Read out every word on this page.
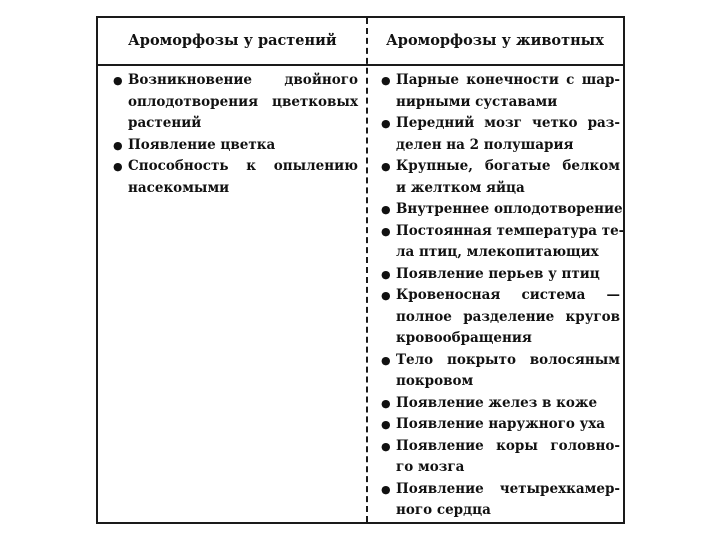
Ароморфозы у растений	Ароморфозы у животных
● Возникновение двойного
оплодотворения цветковых
растений
● Появление цветка
● Способность к опылению
насекомыми
● Парные конечности с шар-
нирными суставами
● Передний мозг четко раз-
делен на 2 полушария
● Крупные, богатые белком
и желтком яйца
● Внутреннее оплодотворение
● Постоянная температура те-
ла птиц, млекопитающих
● Появление перьев у птиц
● Кровеносная система —
полное разделение кругов
кровообращения
● Тело покрыто волосяным
покровом
● Появление желез в коже
● Появление наружного уха
● Появление коры головно-
го мозга
● Появление четырехкамер-
ного сердца
